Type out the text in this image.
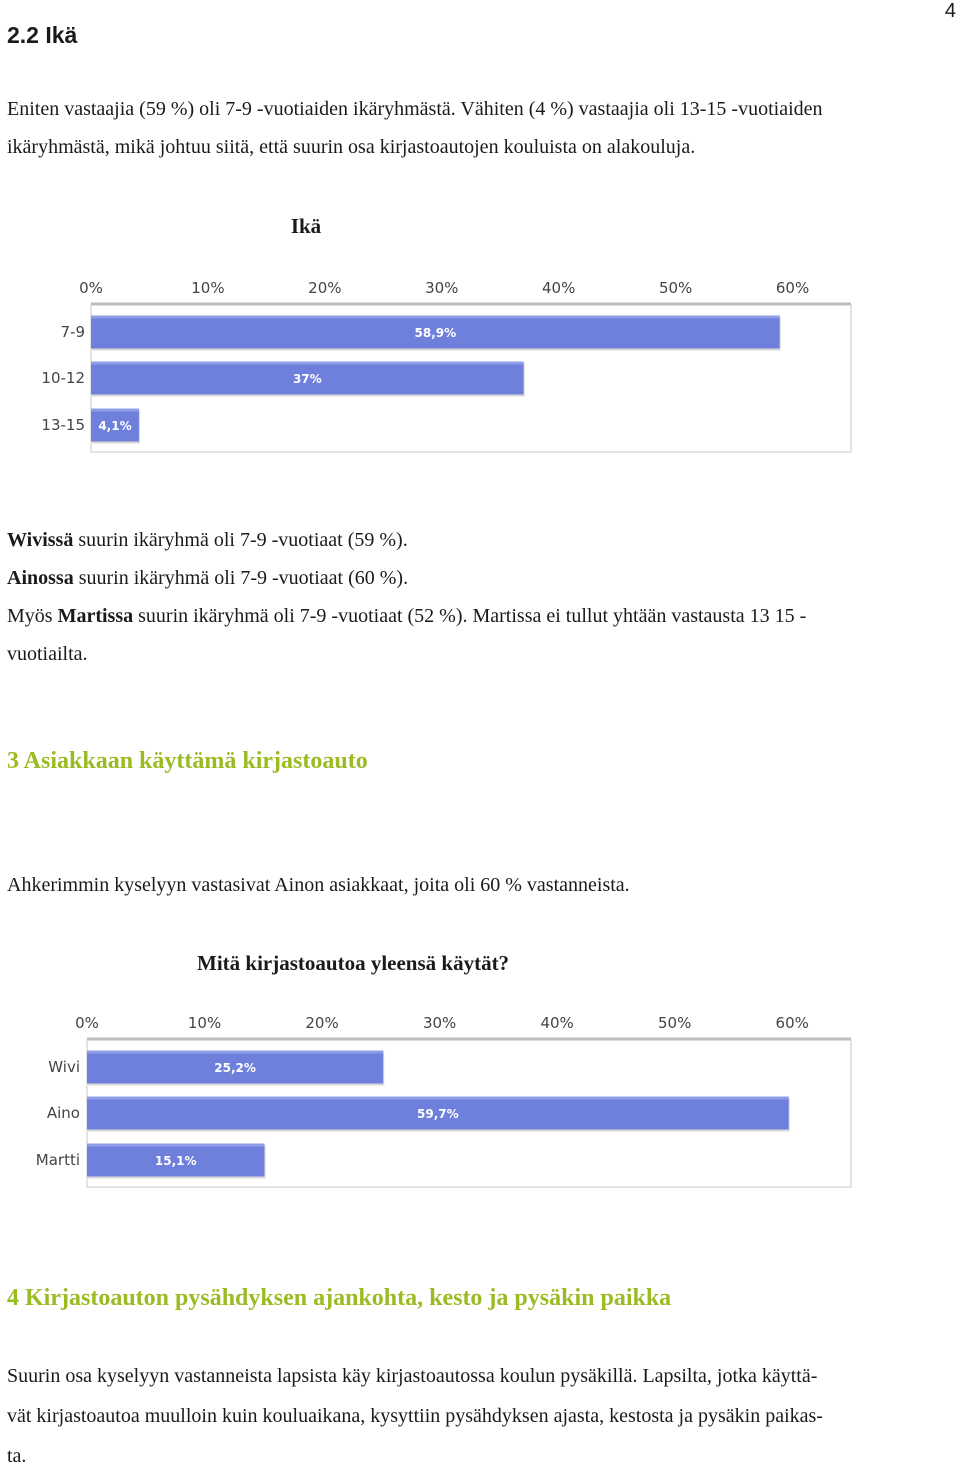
4
2.2 Ikä
Eniten vastaajia (59 %) oli 7-9 -vuotiaiden ikäryhmästä. Vähiten (4 %) vastaajia oli 13-15 -vuotiaiden
ikäryhmästä, mikä johtuu siitä, että suurin osa kirjastoautojen kouluista on alakouluja.
Ikä
0%	10%	20%	30%	40%	50%	60%
58,9%
7-9
37%
10-12
4,1%
13-15
Wivissä suurin ikäryhmä oli 7-9 -vuotiaat (59 %).
Ainossa suurin ikäryhmä oli 7-9 -vuotiaat (60 %).
Myös Martissa suurin ikäryhmä oli 7-9 -vuotiaat (52 %). Martissa ei tullut yhtään vastausta 13 15 -
vuotiailta.
3 Asiakkaan käyttämä kirjastoauto
Ahkerimmin kyselyyn vastasivat Ainon asiakkaat, joita oli 60 % vastanneista.
Mitä kirjastoautoa yleensä käytät?
0%	10%	20%	30%	40%	50%	60%
25,2%
Wivi
59,7%
Aino
15,1%
Martti
4 Kirjastoauton pysähdyksen ajankohta, kesto ja pysäkin paikka
Suurin osa kyselyyn vastanneista lapsista käy kirjastoautossa koulun pysäkillä. Lapsilta, jotka käyttä-
vät kirjastoautoa muulloin kuin kouluaikana, kysyttiin pysähdyksen ajasta, kestosta ja pysäkin paikas-
ta.
